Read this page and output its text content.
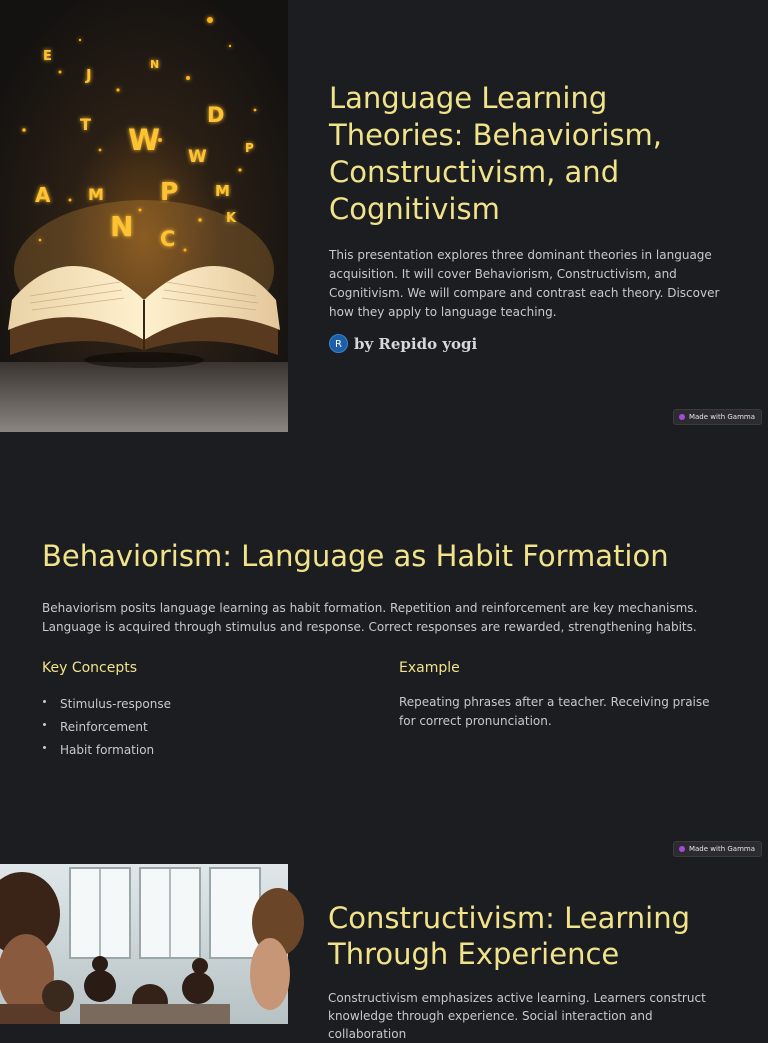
E
J
N
D
T W W	P
A M P M
N C
K
Language Learning Theories: Behaviorism, Constructivism, and Cognitivism

This presentation explores three dominant theories in language acquisition. It will cover Behaviorism, Constructivism, and Cognitivism. We will compare and contrast each theory. Discover how they apply to language teaching.

R by Repido yogi
Made with Gamma
Behaviorism: Language as Habit Formation

Behaviorism posits language learning as habit formation. Repetition and reinforcement are key mechanisms. Language is acquired through stimulus and response. Correct responses are rewarded, strengthening habits.

Key Concepts
Stimulus-response
Reinforcement
Habit formation
Example

Repeating phrases after a teacher. Receiving praise for correct pronunciation.

Made with Gamma
Constructivism: Learning Through Experience

Constructivism emphasizes active learning. Learners construct knowledge through experience. Social interaction and collaboration
